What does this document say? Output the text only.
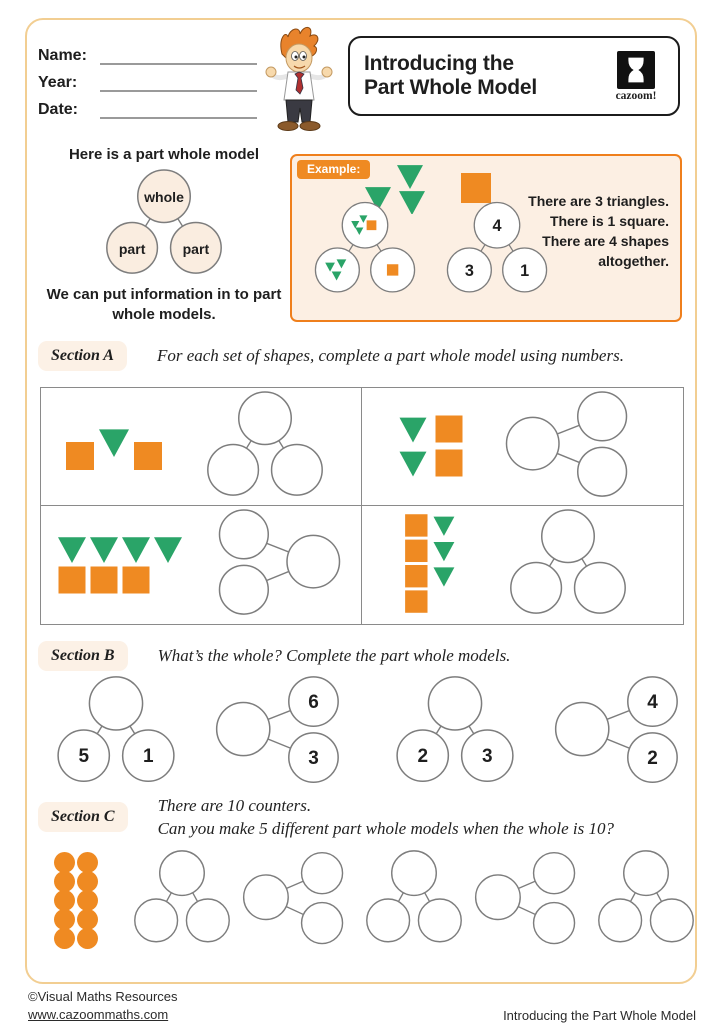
Name:
Year:
Date:
Introducing the
Part Whole Model	cazoom!
Here is a part whole model
whole
part part
We can put information in to part whole models.
Example:
4
3 1
There are 3 triangles.
There is 1 square.
There are 4 shapes
altogether.
Section A	For each set of shapes, complete a part whole model using numbers.
Section B	What’s the whole? Complete the part whole models.
5	1
6
3	2	3
4
2
Section C
There are 10 counters.
Can you make 5 different part whole models when the whole is 10?
©Visual Maths Resources
www.cazoommaths.com	Introducing the Part Whole Model
